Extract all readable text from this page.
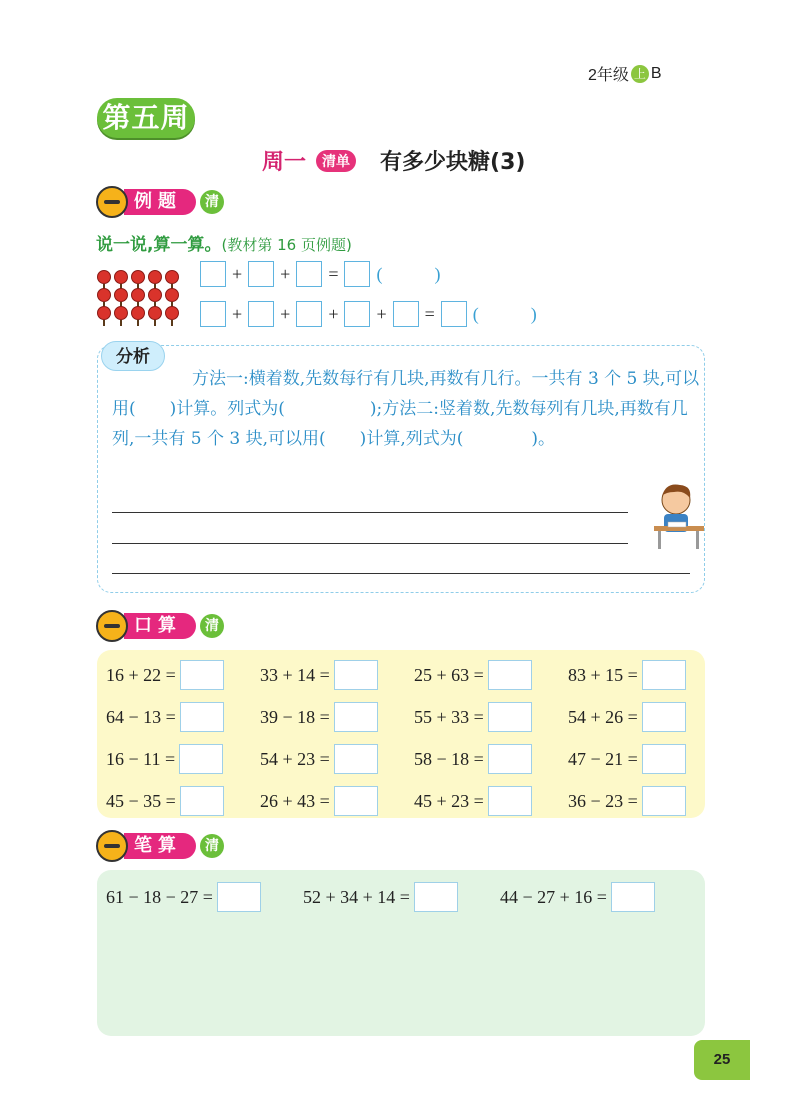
2年级 上 B
第五周
周一	清单 有多少块糖(3)
例题	清
说一说,算一算。(教材第 16 页例题)
+ + = (	)
+ + + + = (	)
分析
方法一:横着数,先数每行有几块,再数有几行。一共有 3 个 5 块,可以用(　　)计算。列式为(　　　　　);方法二:竖着数,先数每列有几块,再数有几列,一共有 5 个 3 块,可以用(　　)计算,列式为(　　　　)。
口算	清
16 + 22 =	33 + 14 =	25 + 63 =	83 + 15 =
64 − 13 =	39 − 18 =	55 + 33 =	54 + 26 =
16 − 11 =	54 + 23 =	58 − 18 =	47 − 21 =
45 − 35 =	26 + 43 =	45 + 23 =	36 − 23 =
笔算	清
61 − 18 − 27 =	52 + 34 + 14 =	44 − 27 + 16 =
25
